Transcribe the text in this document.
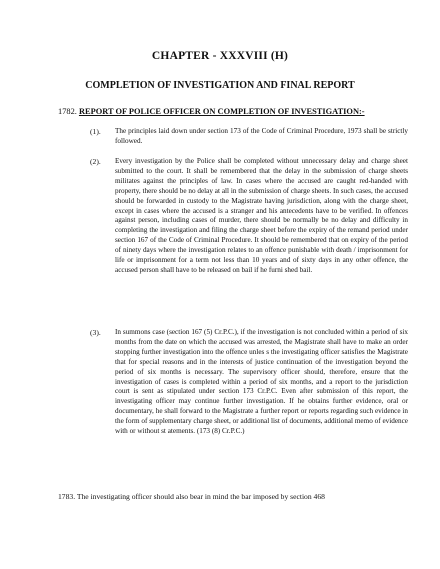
CHAPTER - XXXVIII (H)
COMPLETION OF INVESTIGATION AND FINAL REPORT
1782. REPORT OF POLICE OFFICER ON COMPLETION OF INVESTIGATION:-
(1). The principles laid down under section 173 of the Code of Criminal Procedure, 1973 shall be strictly followed.
(2). Every investigation by the Police shall be completed without unnecessary delay and charge sheet submitted to the court. It shall be remembered that the delay in the submission of charge sheets militates against the principles of law. In cases where the accused are caught red-handed with property, there should be no delay at all in the submission of charge sheets. In such cases, the accused should be forwarded in custody to the Magistrate having jurisdiction, along with the charge sheet, except in cases where the accused is a stranger and his antecedents have to be verified. In offences against person, including cases of murder, there should be normally be no delay and difficulty in completing the investigation and filing the charge sheet before the expiry of the remand period under section 167 of the Code of Criminal Procedure. It should be remembered that on expiry of the period of ninety days where the investigation relates to an offence punishable with death / imprisonment for life or imprisonment for a term not less than 10 years and of sixty days in any other offence, the accused person shall have to be released on bail if he furni shed bail.
(3). In summons case (section 167 (5) Cr.P.C.), if the investigation is not concluded within a period of six months from the date on which the accused was arrested, the Magistrate shall have to make an order stopping further investigation into the offence unles s the investigating officer satisfies the Magistrate that for special reasons and in the interests of justice continuation of the investigation beyond the period of six months is necessary. The supervisory officer should, therefore, ensure that the investigation of cases is completed within a period of six months, and a report to the jurisdiction court is sent as stipulated under section 173 Cr.P.C. Even after submission of this report, the investigating officer may continue further investigation. If he obtains further evidence, oral or documentary, he shall forward to the Magistrate a further report or reports regarding such evidence in the form of supplementary charge sheet, or additional list of documents, additional memo of evidence with or without st atements. (173 (8) Cr.P.C.)
1783. The investigating officer should also bear in mind the bar imposed by section 468
